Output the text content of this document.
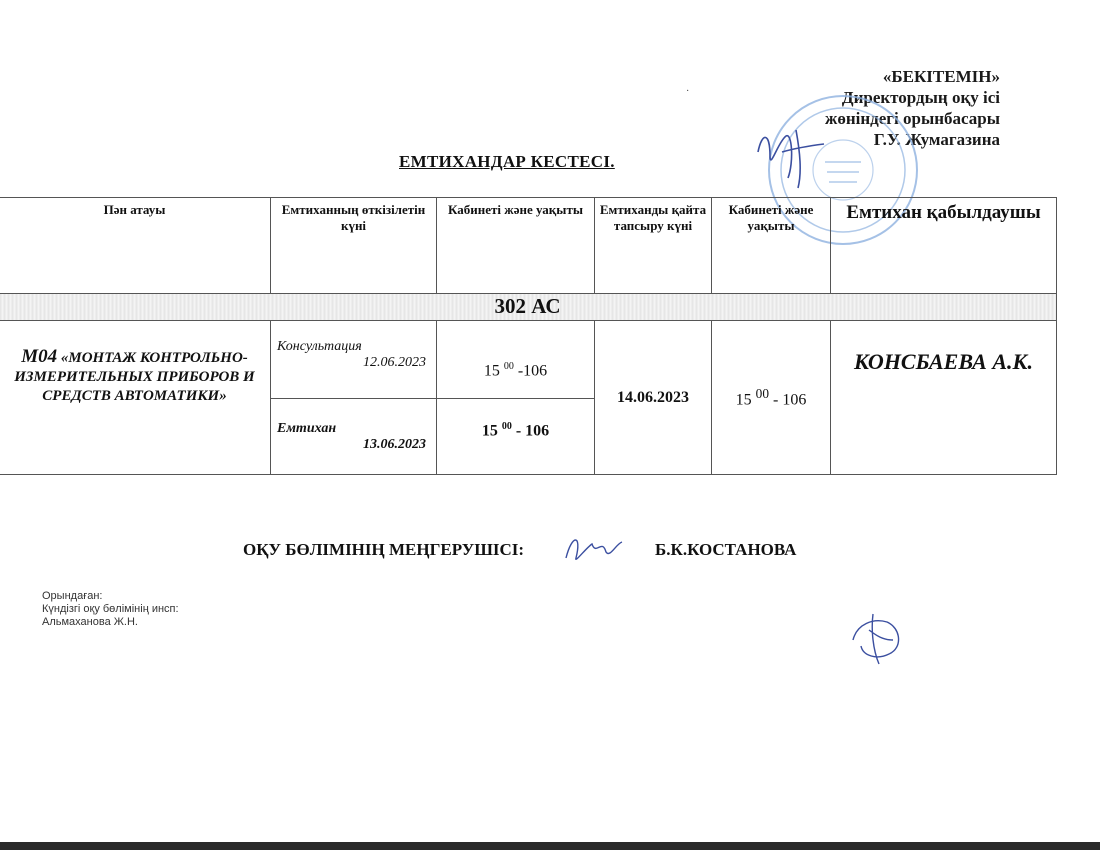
«БЕКІТЕМІН»
Директордың оқу ісі
жөніндегі орынбасары
Г.У. Жумагазина
·
ЕМТИХАНДАР КЕСТЕСІ.
Пән атауы	Емтиханның өткізілетін күні	Кабинеті және уақыты	Емтиханды қайта тапсыру күні	Кабинеті және уақыты	Емтихан қабылдаушы
302 АС					
М04 «МОНТАЖ КОНТРОЛЬНО-ИЗМЕРИТЕЛЬНЫХ ПРИБОРОВ И СРЕДСТВ АВТОМАТИКИ»	Консультация
12.06.2023	15 $^{00}$ -106	14.06.2023	15 $^{00}$ - 106	КОНСБАЕВА А.К.

	Емтихан
13.06.2023	15 $^{00}$ - 106			
ОҚУ БӨЛІМІНІҢ МЕҢГЕРУШІСІ:	Б.К.КОСТАНОВА
Орындаған:
Күндізгі оқу бөлімінің инсп:
Альмаханова Ж.Н.
